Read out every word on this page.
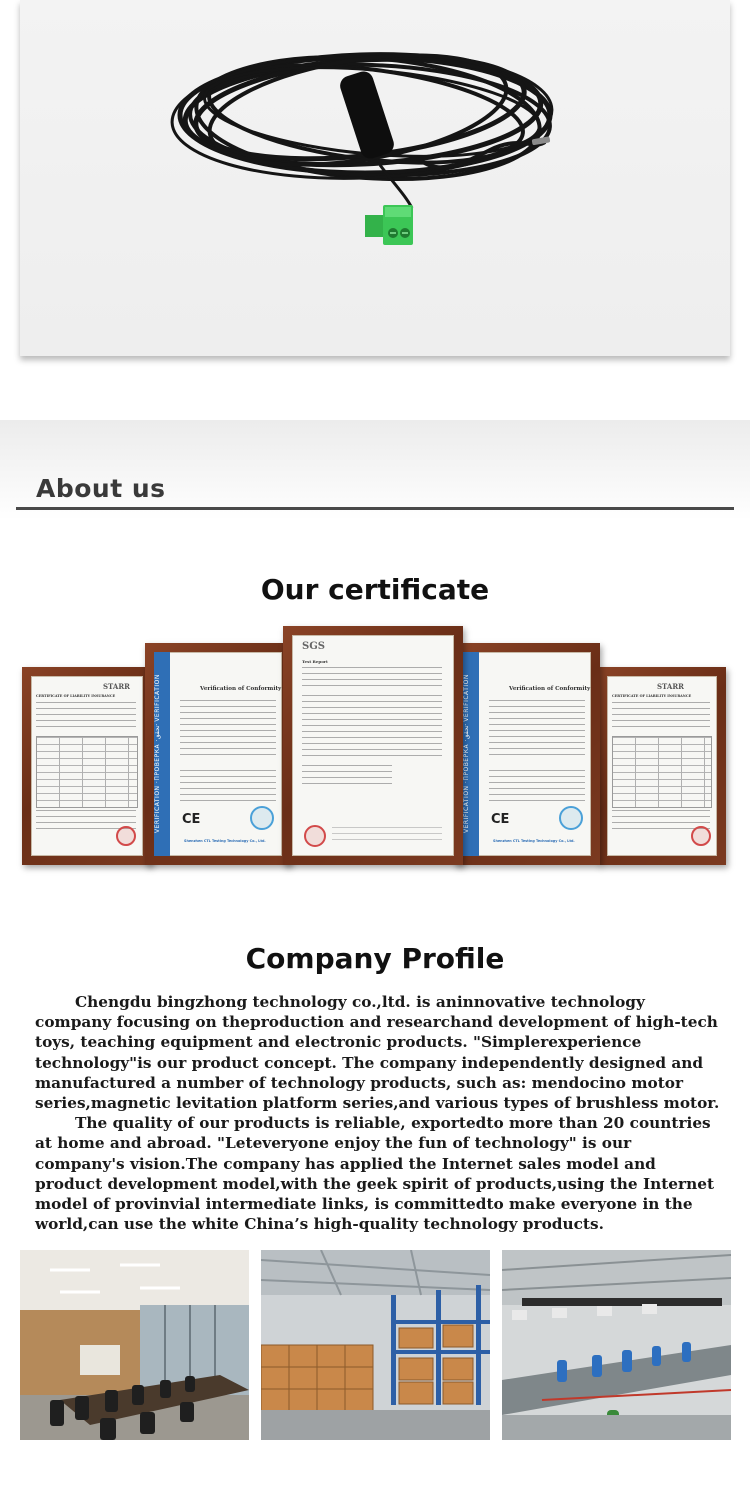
About us
Our certificate
STARR
CERTIFICATE OF LIABILITY INSURANCE
STARR
CERTIFICATE OF LIABILITY INSURANCE
VERIFICATION ·ПРОВЕРКА ·تحقق· VERIFICATION	Verification of Conformity
CE
Shenzhen CTL Testing Technology Co., Ltd.
VERIFICATION ·ПРОВЕРКА ·تحقق· VERIFICATION	Verification of Conformity
CE
Shenzhen CTL Testing Technology Co., Ltd.
SGS
Test Report
Company Profile

Chengdu bingzhong technology co.,ltd. is aninnovative technology company focusing on theproduction and researchand development of high-tech toys, teaching equipment and electronic products. "Simplerexperience technology"is our product concept. The company independently designed and manufactured a number of technology products, such as: mendocino motor series,magnetic levitation platform series,and various types of brushless motor.

The quality of our products is reliable, exportedto more than 20 countries at home and abroad. "Leteveryone enjoy the fun of technology" is our company's vision.The company has applied the Internet sales model and product development model,with the geek spirit of products,using the Internet model of provinvial intermediate links, is committedto make everyone in the world,can use the white China’s high-quality technology products.
